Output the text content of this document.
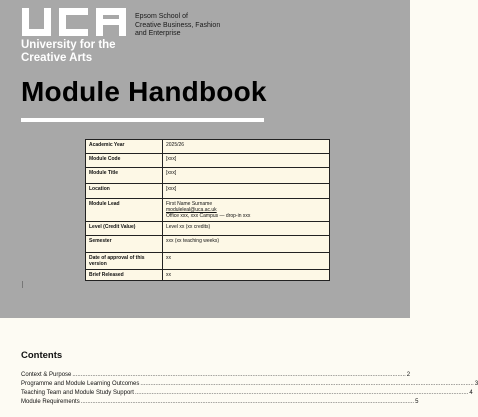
University for the
Creative Arts
Epsom School of
Creative Business, Fashion
and Enterprise
Module Handbook
Academic Year	2025/26

Module Code	[xxx]

Module Title	[xxx]

Location	[xxx]

Module Lead	First Name Surname
moduleleal@uca.ac.uk
Office xxx, xxx Campus — drop-in xxx

Level (Credit Value)	Level xx (xx credits)

Semester	xxx (xx teaching weeks)

Date of approval of this version	xx

Brief Released	xx
Contents
Context & Purpose ........................................................................................................................................................................................................ 2
Programme and Module Learning Outcomes ........................................................................................................................................................................................................ 3
Teaching Team and Module Study Support ........................................................................................................................................................................................................ 4
Module Requirements ........................................................................................................................................................................................................ 5
